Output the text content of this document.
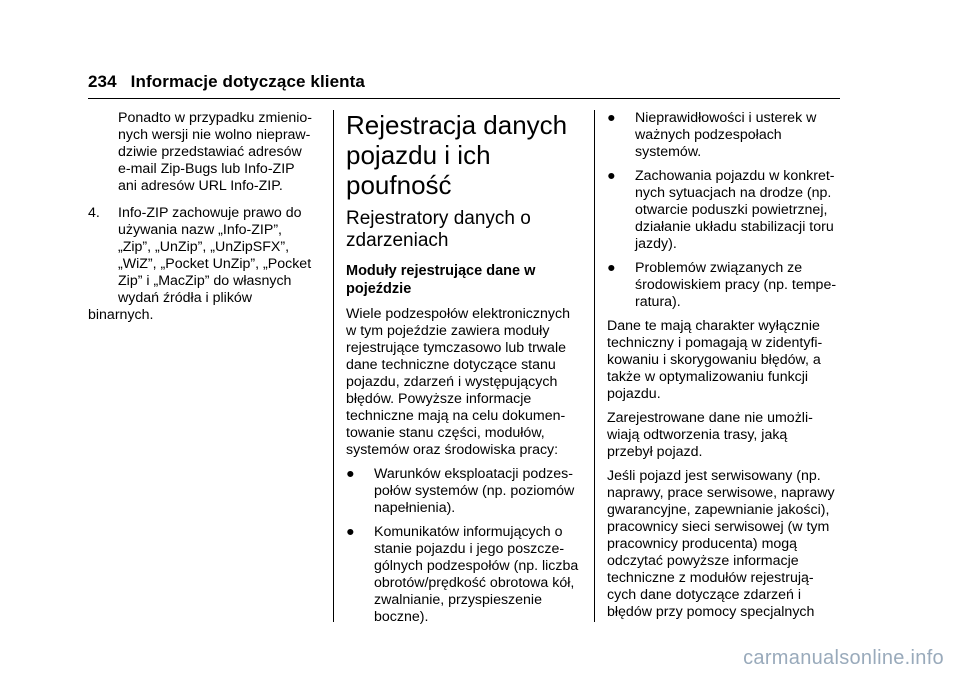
234 Informacje dotyczące klienta
Ponadto w przypadku zmienio-
nych wersji nie wolno niepraw-
dziwie przedstawiać adresów
e-mail Zip-Bugs lub Info-ZIP
ani adresów URL Info-ZIP.
4. Info-ZIP zachowuje prawo do
używania nazw „Info-ZIP”,
„Zip”, „UnZip”, „UnZipSFX”,
„WiZ”, „Pocket UnZip”, „Pocket
Zip” i „MacZip” do własnych
wydań źródła i plików
binarnych.
Rejestracja danych
pojazdu i ich
poufność
Rejestratory danych o
zdarzeniach
Moduły rejestrujące dane w
pojeździe
Wiele podzespołów elektronicznych
w tym pojeździe zawiera moduły
rejestrujące tymczasowo lub trwale
dane techniczne dotyczące stanu
pojazdu, zdarzeń i występujących
błędów. Powyższe informacje
techniczne mają na celu dokumen-
towanie stanu części, modułów,
systemów oraz środowiska pracy:
● Warunków eksploatacji podzes-
połów systemów (np. poziomów
napełnienia).
● Komunikatów informujących o
stanie pojazdu i jego poszcze-
gólnych podzespołów (np. liczba
obrotów/prędkość obrotowa kół,
zwalnianie, przyspieszenie
boczne).
● Nieprawidłowości i usterek w
ważnych podzespołach
systemów.
● Zachowania pojazdu w konkret-
nych sytuacjach na drodze (np.
otwarcie poduszki powietrznej,
działanie układu stabilizacji toru
jazdy).
● Problemów związanych ze
środowiskiem pracy (np. tempe-
ratura).
Dane te mają charakter wyłącznie
techniczny i pomagają w zidentyfi-
kowaniu i skorygowaniu błędów, a
także w optymalizowaniu funkcji
pojazdu.
Zarejestrowane dane nie umożli-
wiają odtworzenia trasy, jaką
przebył pojazd.
Jeśli pojazd jest serwisowany (np.
naprawy, prace serwisowe, naprawy
gwarancyjne, zapewnianie jakości),
pracownicy sieci serwisowej (w tym
pracownicy producenta) mogą
odczytać powyższe informacje
techniczne z modułów rejestrują-
cych dane dotyczące zdarzeń i
błędów przy pomocy specjalnych
carmanualsonline.info
